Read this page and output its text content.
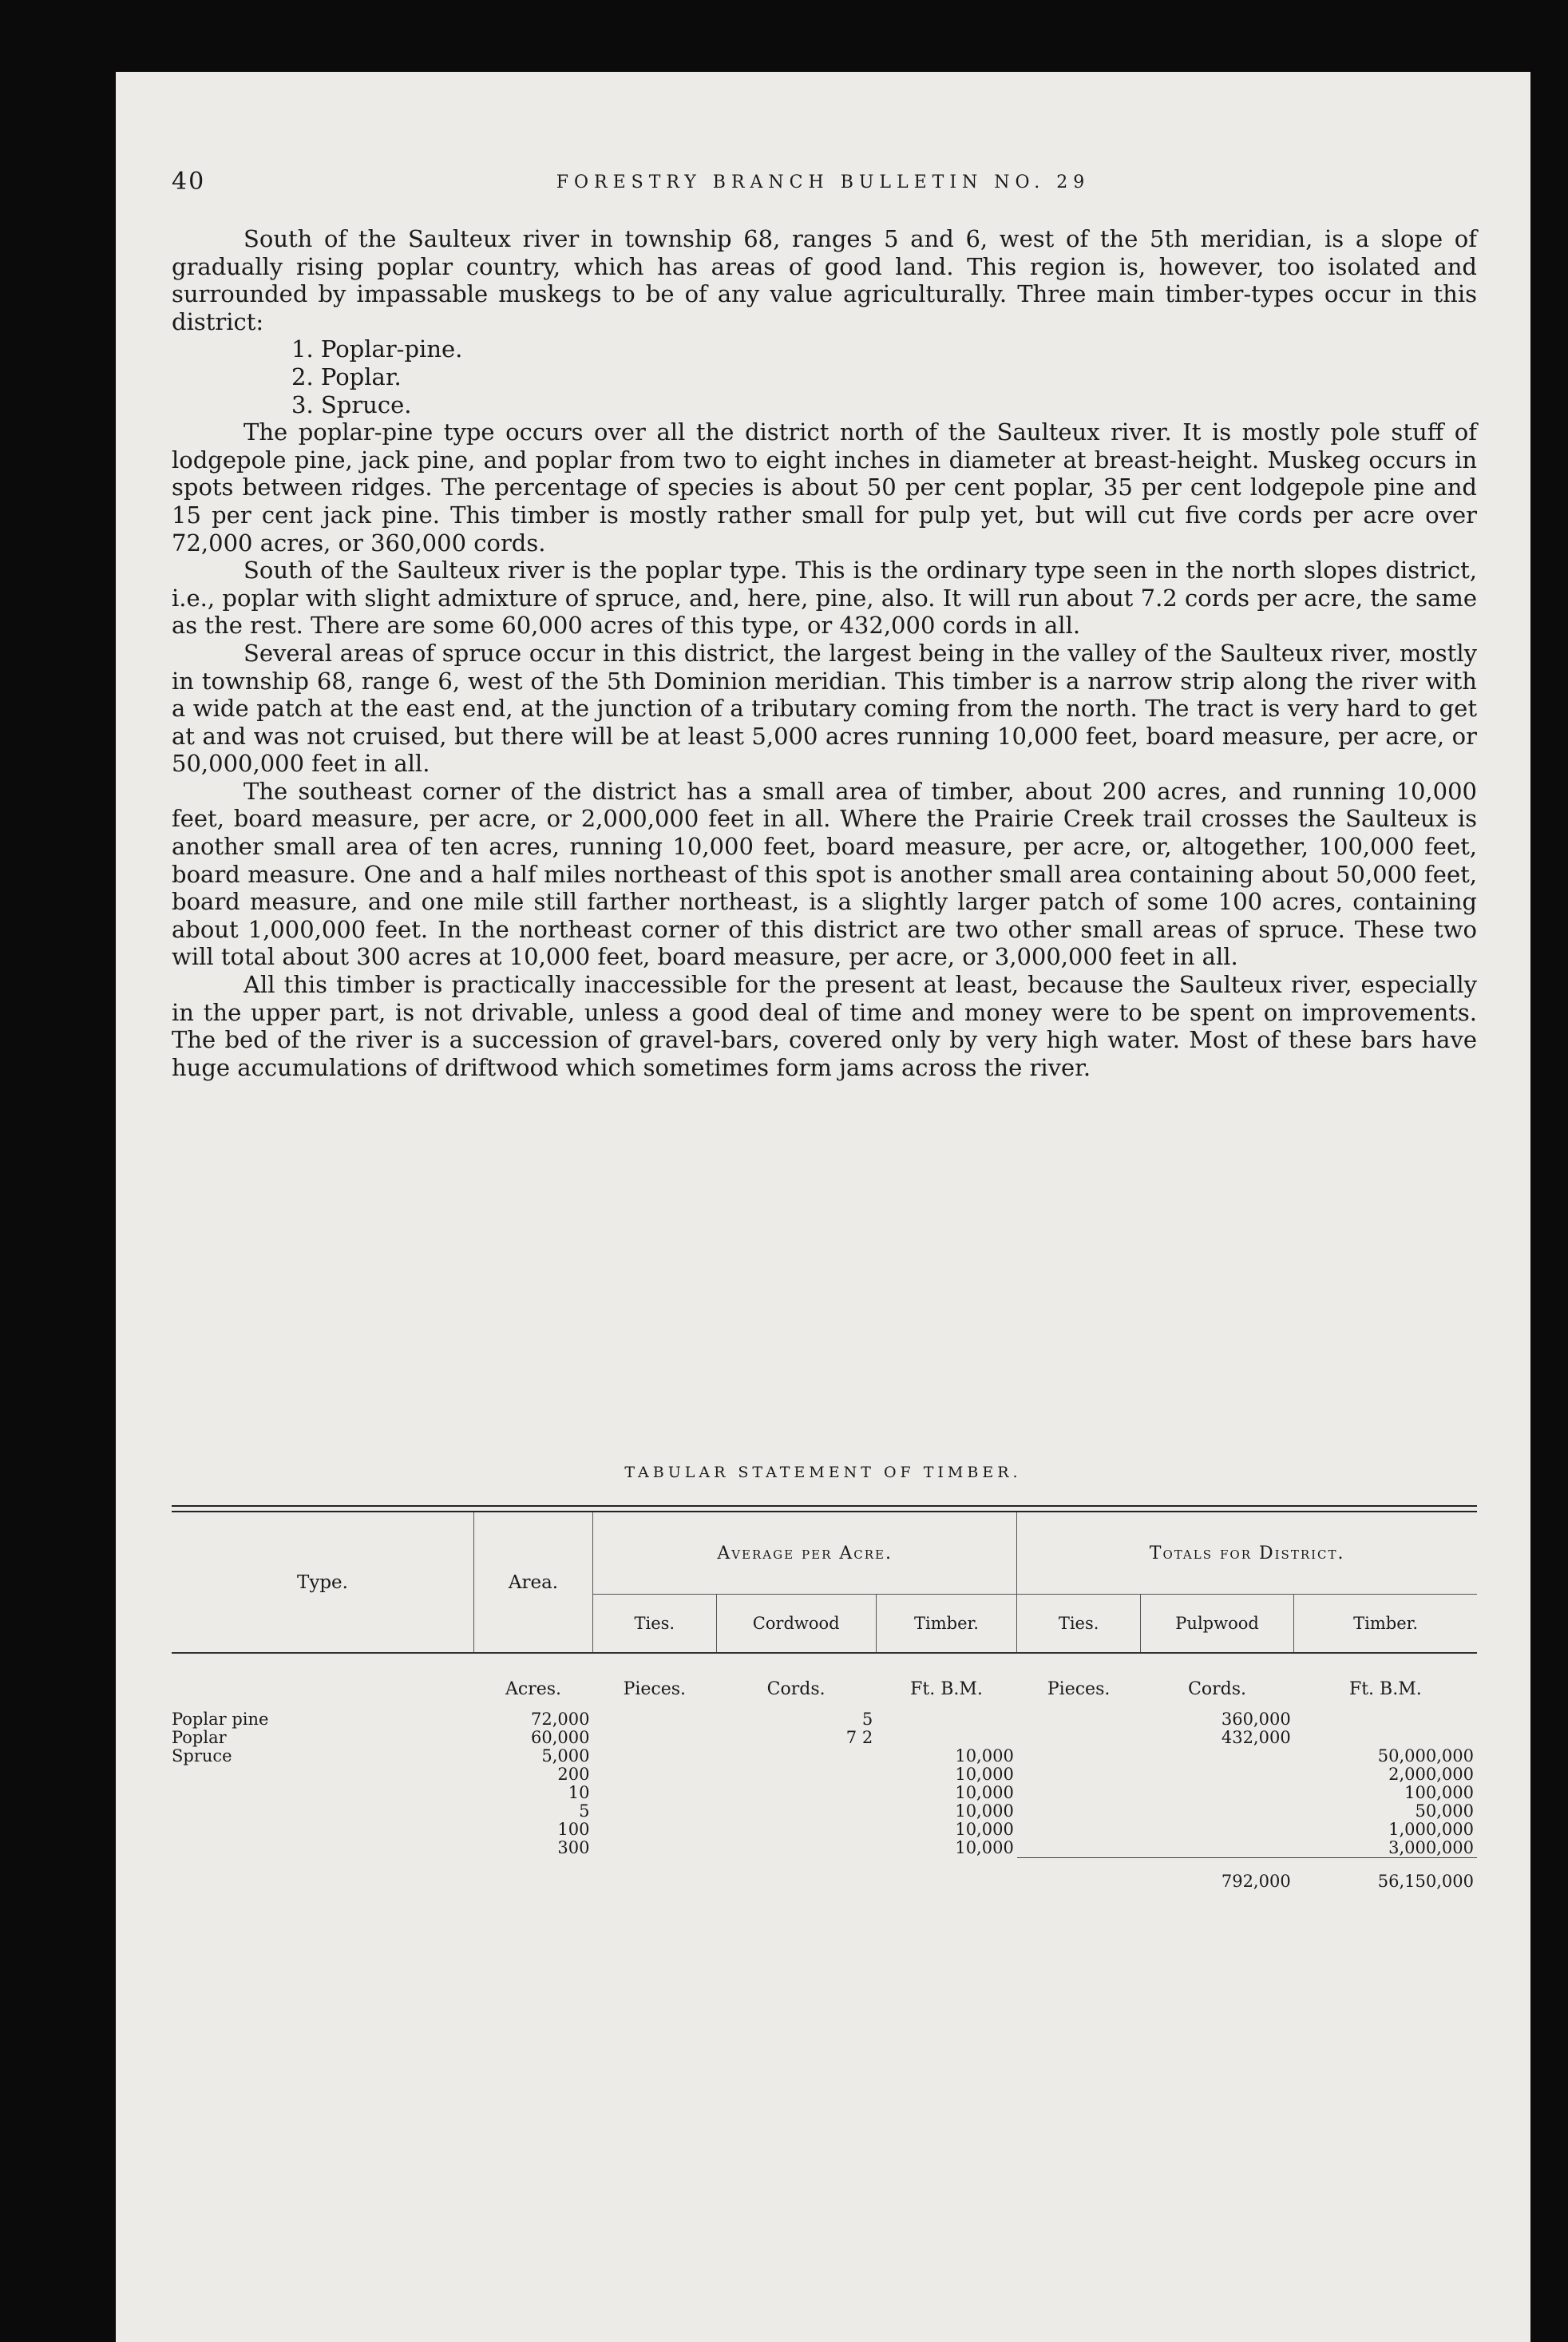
40	FORESTRY BRANCH BULLETIN NO. 29

South of the Saulteux river in township 68, ranges 5 and 6, west of the 5th meridian, is a slope of gradually rising poplar country, which has areas of good land. This region is, however, too isolated and surrounded by impassable muskegs to be of any value agriculturally. Three main timber-types occur in this district:

1. Poplar-pine.
2. Poplar.
3. Spruce.

The poplar-pine type occurs over all the district north of the Saulteux river. It is mostly pole stuff of lodgepole pine, jack pine, and poplar from two to eight inches in diameter at breast-height. Muskeg occurs in spots between ridges. The percentage of species is about 50 per cent poplar, 35 per cent lodgepole pine and 15 per cent jack pine. This timber is mostly rather small for pulp yet, but will cut five cords per acre over 72,000 acres, or 360,000 cords.

South of the Saulteux river is the poplar type. This is the ordinary type seen in the north slopes district, i.e., poplar with slight admixture of spruce, and, here, pine, also. It will run about 7.2 cords per acre, the same as the rest. There are some 60,000 acres of this type, or 432,000 cords in all.

Several areas of spruce occur in this district, the largest being in the valley of the Saulteux river, mostly in township 68, range 6, west of the 5th Dominion meridian. This timber is a narrow strip along the river with a wide patch at the east end, at the junction of a tributary coming from the north. The tract is very hard to get at and was not cruised, but there will be at least 5,000 acres running 10,000 feet, board measure, per acre, or 50,000,000 feet in all.

The southeast corner of the district has a small area of timber, about 200 acres, and running 10,000 feet, board measure, per acre, or 2,000,000 feet in all. Where the Prairie Creek trail crosses the Saulteux is another small area of ten acres, running 10,000 feet, board measure, per acre, or, altogether, 100,000 feet, board measure. One and a half miles northeast of this spot is another small area containing about 50,000 feet, board measure, and one mile still farther northeast, is a slightly larger patch of some 100 acres, containing about 1,000,000 feet. In the northeast corner of this district are two other small areas of spruce. These two will total about 300 acres at 10,000 feet, board measure, per acre, or 3,000,000 feet in all.

All this timber is practically inaccessible for the present at least, because the Saulteux river, especially in the upper part, is not drivable, unless a good deal of time and money were to be spent on improvements. The bed of the river is a succession of gravel-bars, covered only by very high water. Most of these bars have huge accumulations of driftwood which sometimes form jams across the river.

TABULAR STATEMENT OF TIMBER.
Type.	Area.	Average per Acre.			Totals for District.		
		Ties.	Cordwood	Timber.	Ties.	Pulpwood	Timber.
	Acres.	Pieces.	Cords.	Ft. B.M.	Pieces.	Cords.	Ft. B.M.
Poplar pine	72,000		5			360,000	
Poplar	60,000		7 2			432,000	
Spruce	5,000			10,000			50,000,000
	200			10,000			2,000,000
	10			10,000			100,000
	5			10,000			50,000
	100			10,000			1,000,000
	300			10,000			3,000,000

						792,000	56,150,000
